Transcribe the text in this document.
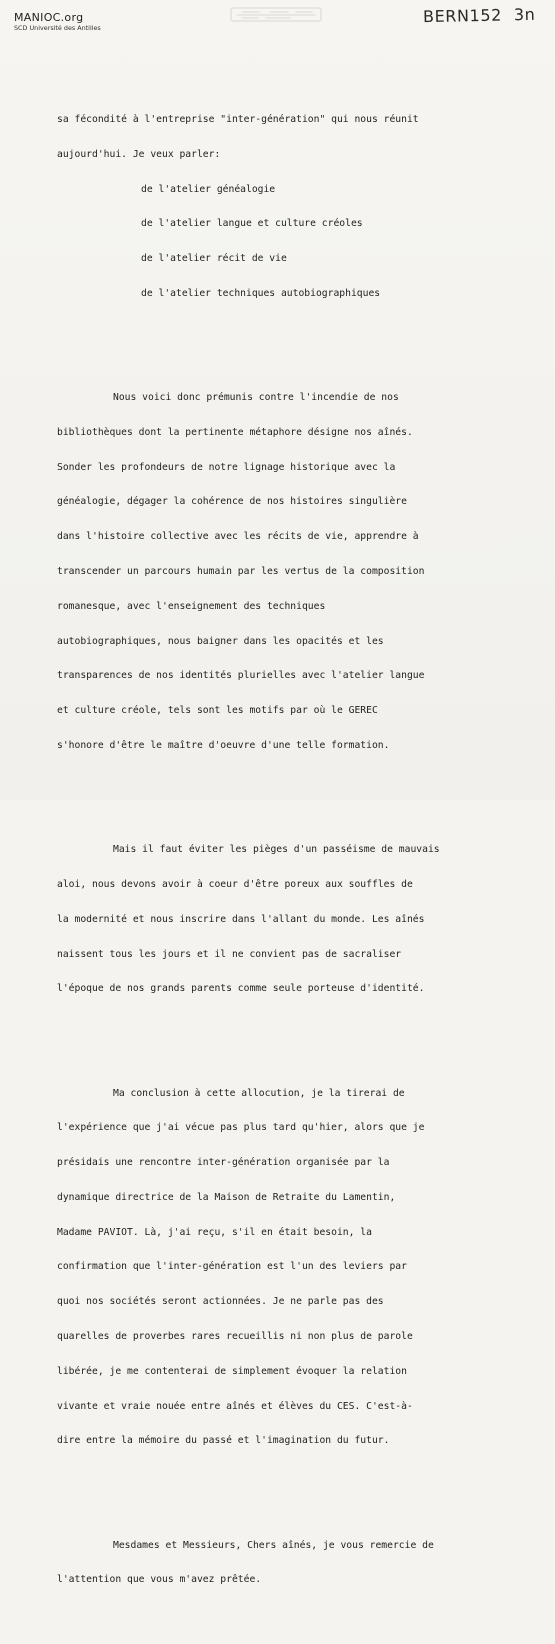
MANIOC.org
SCD Université des Antilles
BERN152 3n

sa fécondité à l'entreprise "inter-génération" qui nous réunit

aujourd'hui. Je veux parler:

de l'atelier généalogie

de l'atelier langue et culture créoles

de l'atelier récit de vie

de l'atelier techniques autobiographiques

Nous voici donc prémunis contre l'incendie de nos

bibliothèques dont la pertinente métaphore désigne nos aînés.

Sonder les profondeurs de notre lignage historique avec la

généalogie, dégager la cohérence de nos histoires singulière

dans l'histoire collective avec les récits de vie, apprendre à

transcender un parcours humain par les vertus de la composition

romanesque, avec l'enseignement des techniques

autobiographiques, nous baigner dans les opacités et les

transparences de nos identités plurielles avec l'atelier langue

et culture créole, tels sont les motifs par où le GEREC

s'honore d'être le maître d'oeuvre d'une telle formation.

Mais il faut éviter les pièges d'un passéisme de mauvais

aloi, nous devons avoir à coeur d'être poreux aux souffles de

la modernité et nous inscrire dans l'allant du monde. Les aînés

naissent tous les jours et il ne convient pas de sacraliser

l'époque de nos grands parents comme seule porteuse d'identité.

Ma conclusion à cette allocution, je la tirerai de

l'expérience que j'ai vécue pas plus tard qu'hier, alors que je

présidais une rencontre inter-génération organisée par la

dynamique directrice de la Maison de Retraite du Lamentin,

Madame PAVIOT. Là, j'ai reçu, s'il en était besoin, la

confirmation que l'inter-génération est l'un des leviers par

quoi nos sociétés seront actionnées. Je ne parle pas des

quarelles de proverbes rares recueillis ni non plus de parole

libérée, je me contenterai de simplement évoquer la relation

vivante et vraie nouée entre aînés et élèves du CES. C'est-à-

dire entre la mémoire du passé et l'imagination du futur.

Mesdames et Messieurs, Chers aînés, je vous remercie de

l'attention que vous m'avez prêtée.
